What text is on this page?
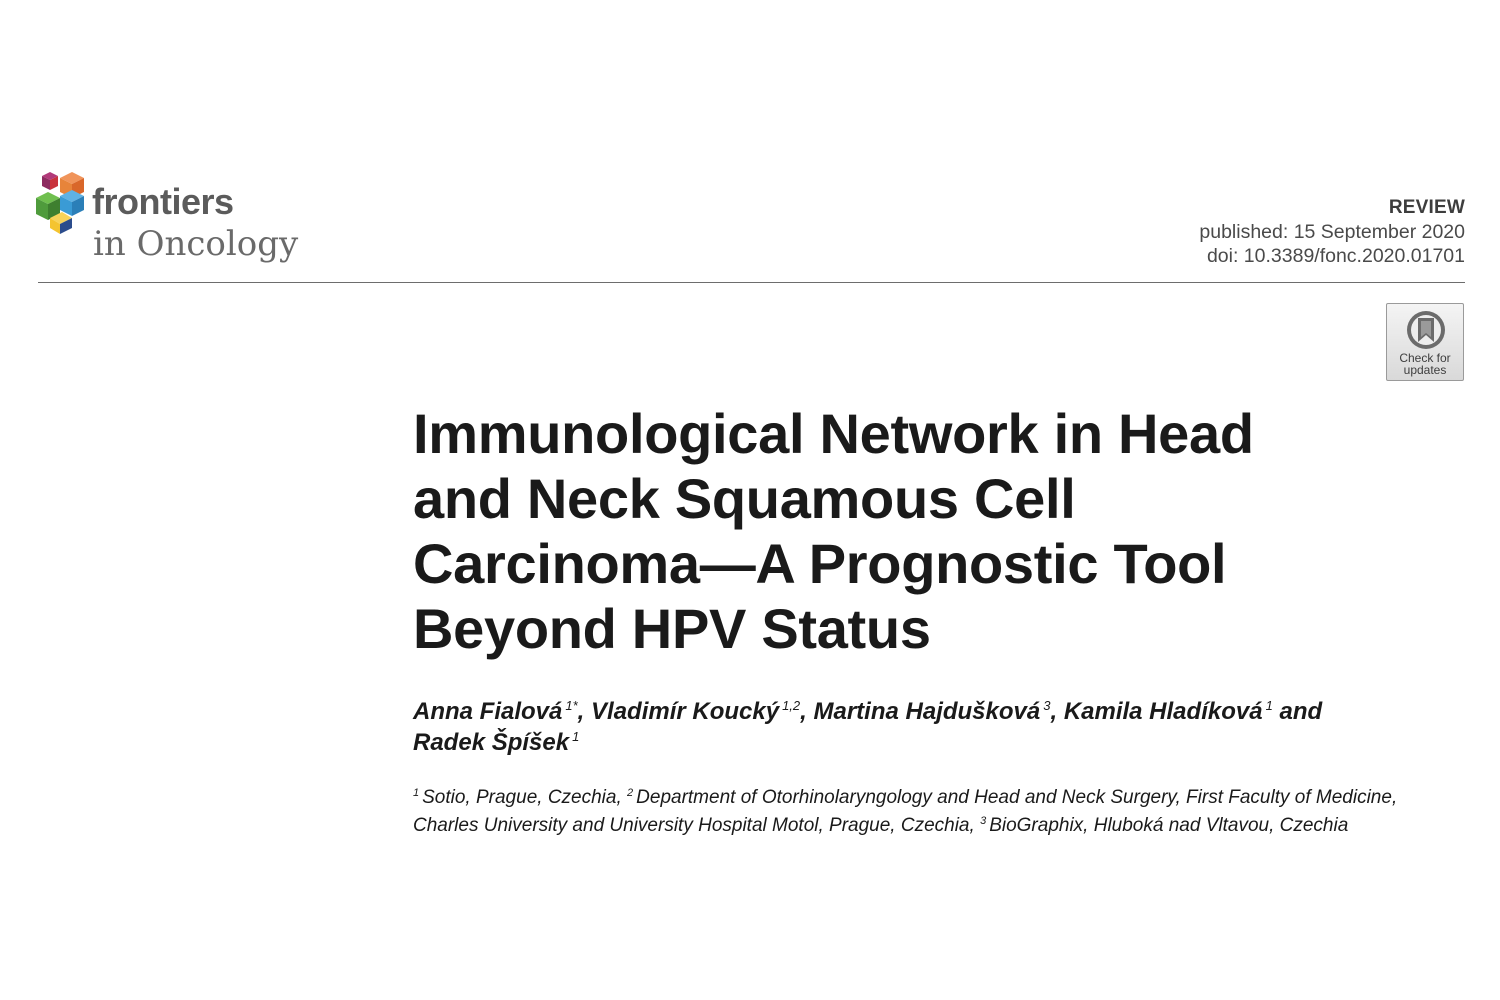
frontiers
in Oncology
REVIEW
published: 15 September 2020
doi: 10.3389/fonc.2020.01701
Check for
updates
Immunological Network in Head
and Neck Squamous Cell
Carcinoma—A Prognostic Tool
Beyond HPV Status
Anna Fialová $^{1*}$, Vladimír Koucký $^{1,2}$, Martina Hajdušková $^3$, Kamila Hladíková $^1$ and
Radek Špíšek $^1$
$^1$ Sotio, Prague, Czechia, $^2$ Department of Otorhinolaryngology and Head and Neck Surgery, First Faculty of Medicine,
Charles University and University Hospital Motol, Prague, Czechia, $^3$ BioGraphix, Hluboká nad Vltavou, Czechia
